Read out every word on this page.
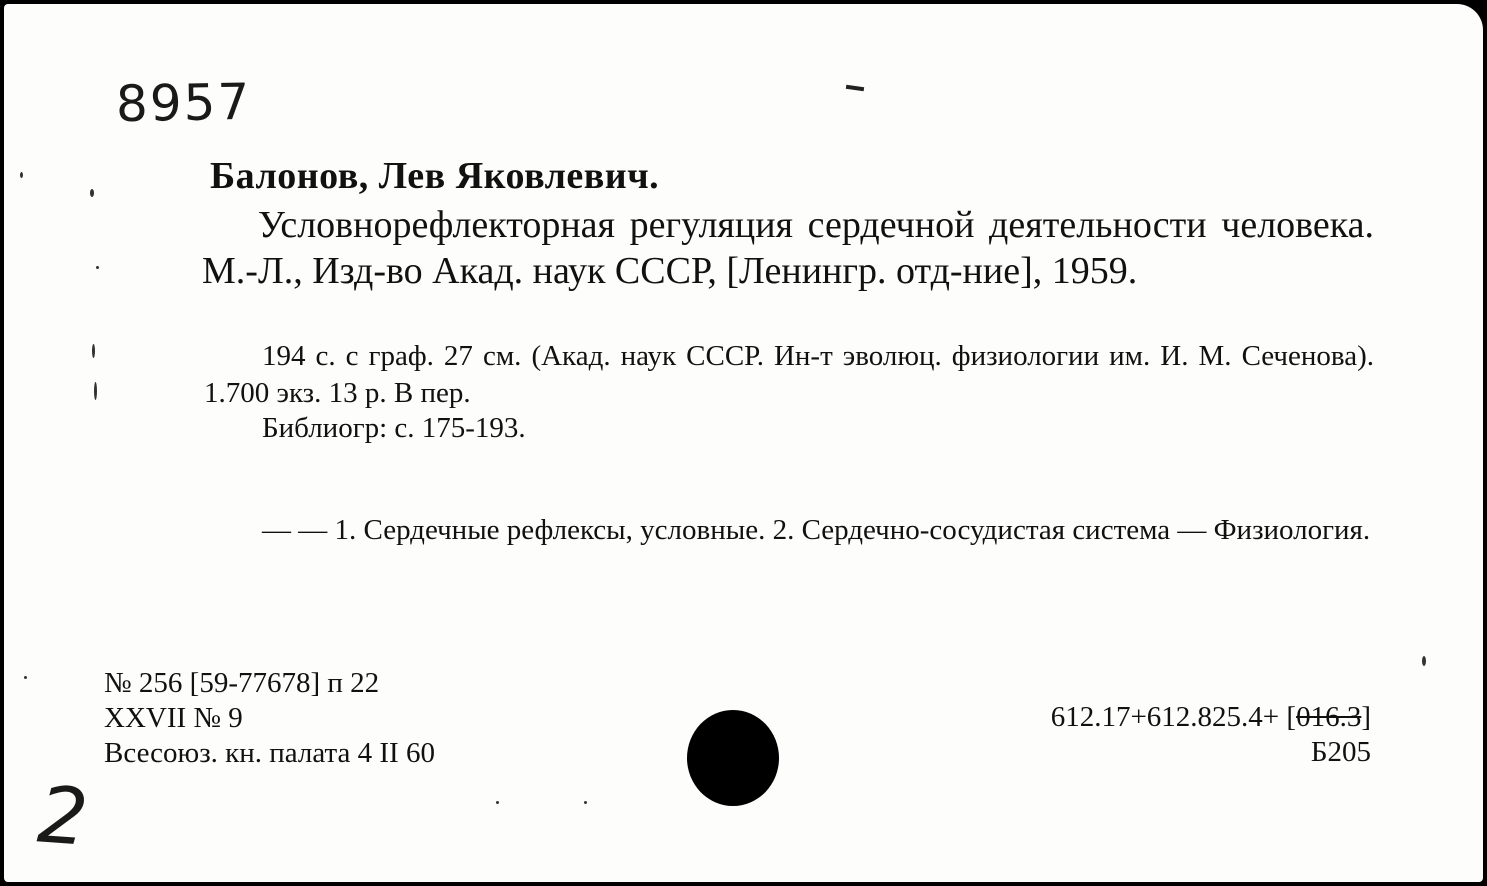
8957
Балонов, Лев Яковлевич.
Условнорефлекторная регуляция сердечной деятельности человека. М.-Л., Изд-во Акад. наук СССР, [Ленингр. отд-ние], 1959.
194 с. с граф. 27 см. (Акад. наук СССР. Ин-т эволюц. физиологии им. И. М. Сеченова). 1.700 экз. 13 р. В пер.
Библиогр: с. 175-193.
— — 1. Сердечные рефлексы, условные. 2. Сердечно-сосудистая система — Физиология.
№ 256 [59-77678] п 22
XXVII № 9
Всесоюз. кн. палата 4 II 60
612.17+612.825.4+ [016.3]
Б205
2
